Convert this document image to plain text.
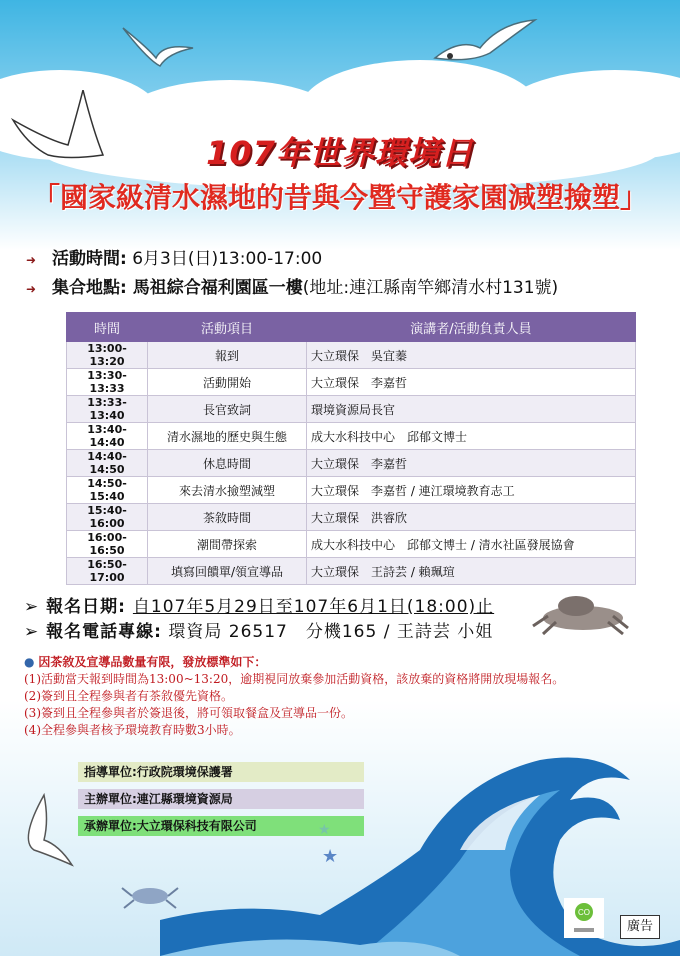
107年世界環境日
「國家級清水濕地的昔與今暨守護家園減塑撿塑」
➜ 活動時間: 6月3日(日)13:00-17:00
➜ 集合地點: 馬祖綜合福利園區一樓(地址:連江縣南竿鄉清水村131號)
時間	活動項目	演講者/活動負責人員
13:00-13:20	報到	大立環保　吳宜蓁
13:30-13:33	活動開始	大立環保　李嘉哲
13:33-13:40	長官致詞	環境資源局長官
13:40-14:40	清水濕地的歷史與生態	成大水科技中心　邱郁文博士
14:40-14:50	休息時間	大立環保　李嘉哲
14:50-15:40	來去清水撿塑減塑	大立環保　李嘉哲 / 連江環境教育志工
15:40-16:00	茶敘時間	大立環保　洪睿欣
16:00-16:50	潮間帶探索	成大水科技中心　邱郁文博士 / 清水社區發展協會
16:50-17:00	填寫回饋單/領宣導品	大立環保　王詩芸 / 賴珮瑄
➢ 報名日期: 自107年5月29日至107年6月1日(18:00)止
➢ 報名電話專線: 環資局 26517　分機165 / 王詩芸 小姐
● 因茶敘及宣導品數量有限，發放標準如下：
(1)活動當天報到時間為13:00~13:20，逾期視同放棄參加活動資格，該放棄的資格將開放現場報名。
(2)簽到且全程參與者有茶敘優先資格。
(3)簽到且全程參與者於簽退後，將可領取餐盒及宣導品一份。
(4)全程參與者核予環境教育時數3小時。
指導單位:行政院環境保護署
主辦單位:連江縣環境資源局
承辦單位:大立環保科技有限公司	★
★
CO
廣告
